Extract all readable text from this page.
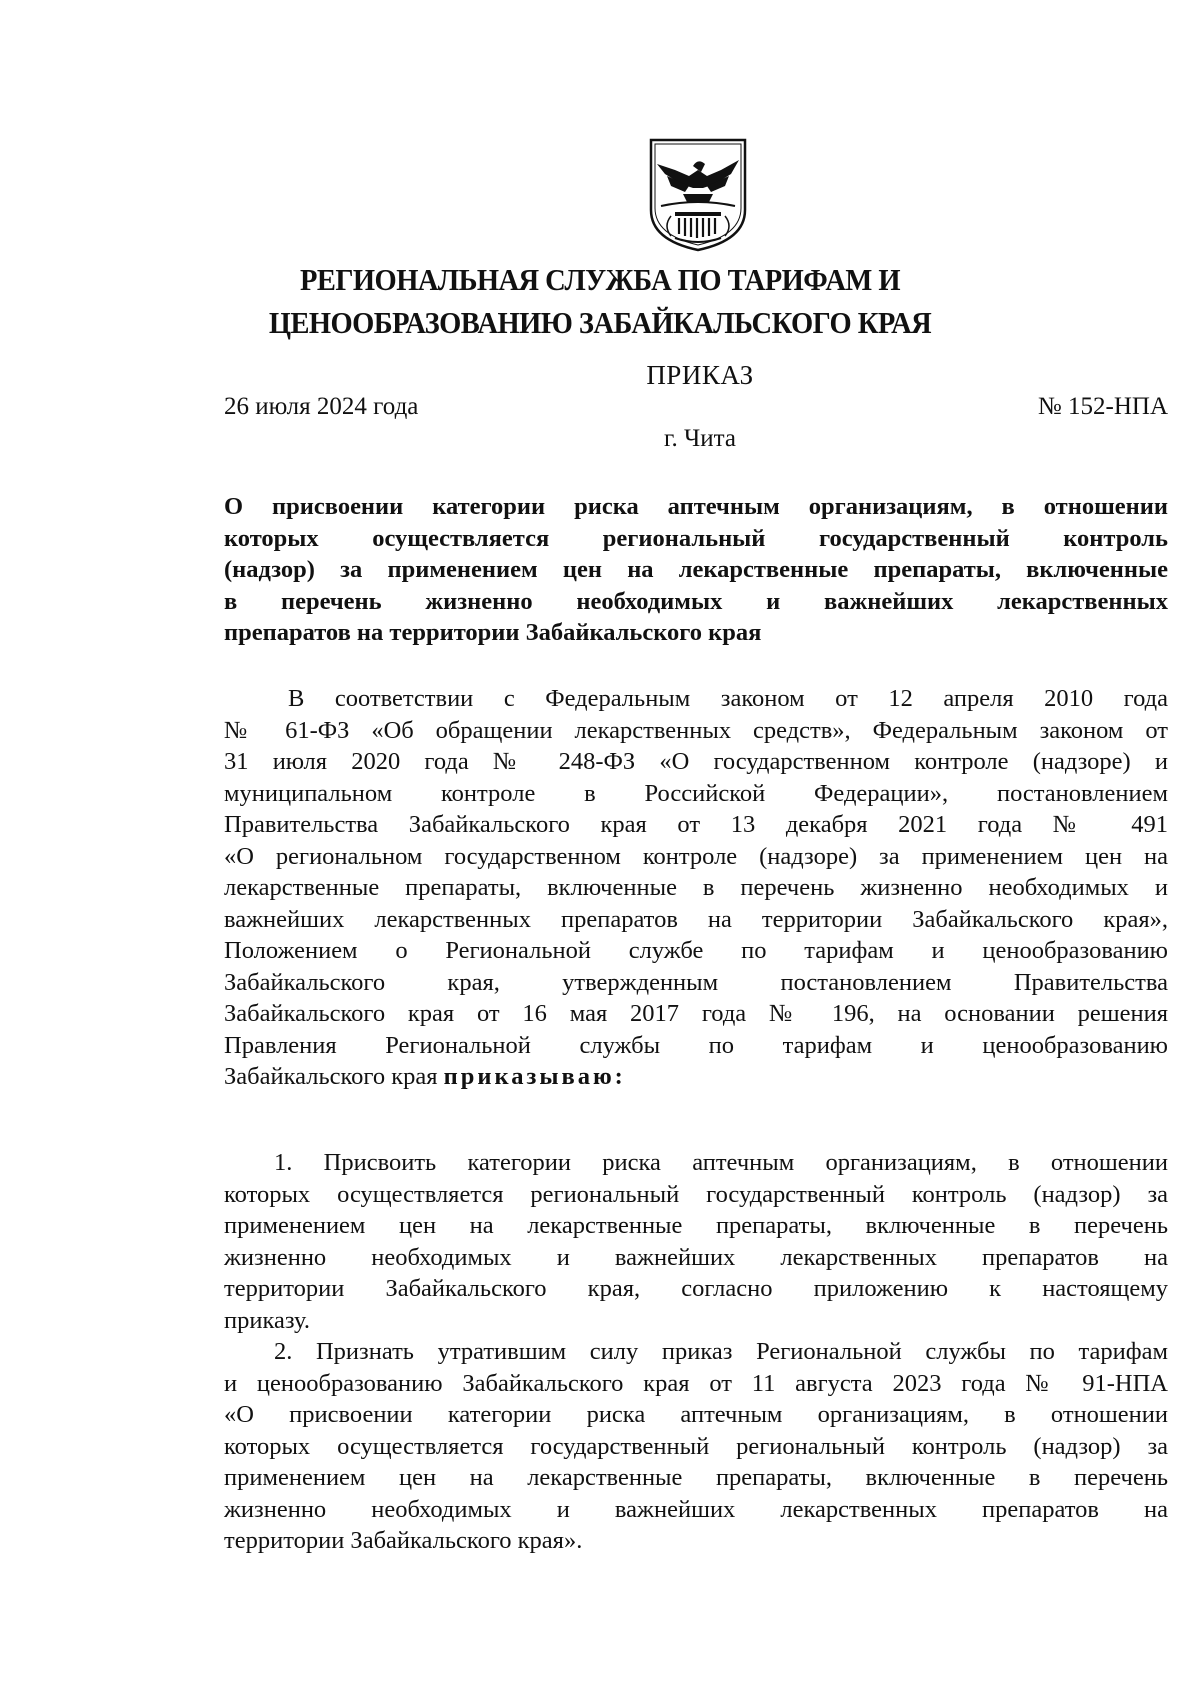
РЕГИОНАЛЬНАЯ СЛУЖБА ПО ТАРИФАМ И
ЦЕНООБРАЗОВАНИЮ ЗАБАЙКАЛЬСКОГО КРАЯ
ПРИКАЗ
26 июля 2024 года	№ 152-НПА
г. Чита
О присвоении категории риска аптечным организациям, в отношении
которых осуществляется региональный государственный контроль
(надзор) за применением цен на лекарственные препараты, включенные
в перечень жизненно необходимых и важнейших лекарственных
препаратов на территории Забайкальского края
В соответствии с Федеральным законом от 12 апреля 2010 года
№ 61-ФЗ «Об обращении лекарственных средств», Федеральным законом от
31 июля 2020 года № 248-ФЗ «О государственном контроле (надзоре) и
муниципальном контроле в Российской Федерации», постановлением
Правительства Забайкальского края от 13 декабря 2021 года № 491
«О региональном государственном контроле (надзоре) за применением цен на
лекарственные препараты, включенные в перечень жизненно необходимых и
важнейших лекарственных препаратов на территории Забайкальского края»,
Положением о Региональной службе по тарифам и ценообразованию
Забайкальского края, утвержденным постановлением Правительства
Забайкальского края от 16 мая 2017 года № 196, на основании решения
Правления Региональной службы по тарифам и ценообразованию
Забайкальского края приказываю:
1. Присвоить категории риска аптечным организациям, в отношении
которых осуществляется региональный государственный контроль (надзор) за
применением цен на лекарственные препараты, включенные в перечень
жизненно необходимых и важнейших лекарственных препаратов на
территории Забайкальского края, согласно приложению к настоящему
приказу.
2. Признать утратившим силу приказ Региональной службы по тарифам
и ценообразованию Забайкальского края от 11 августа 2023 года № 91-НПА
«О присвоении категории риска аптечным организациям, в отношении
которых осуществляется государственный региональный контроль (надзор) за
применением цен на лекарственные препараты, включенные в перечень
жизненно необходимых и важнейших лекарственных препаратов на
территории Забайкальского края».
